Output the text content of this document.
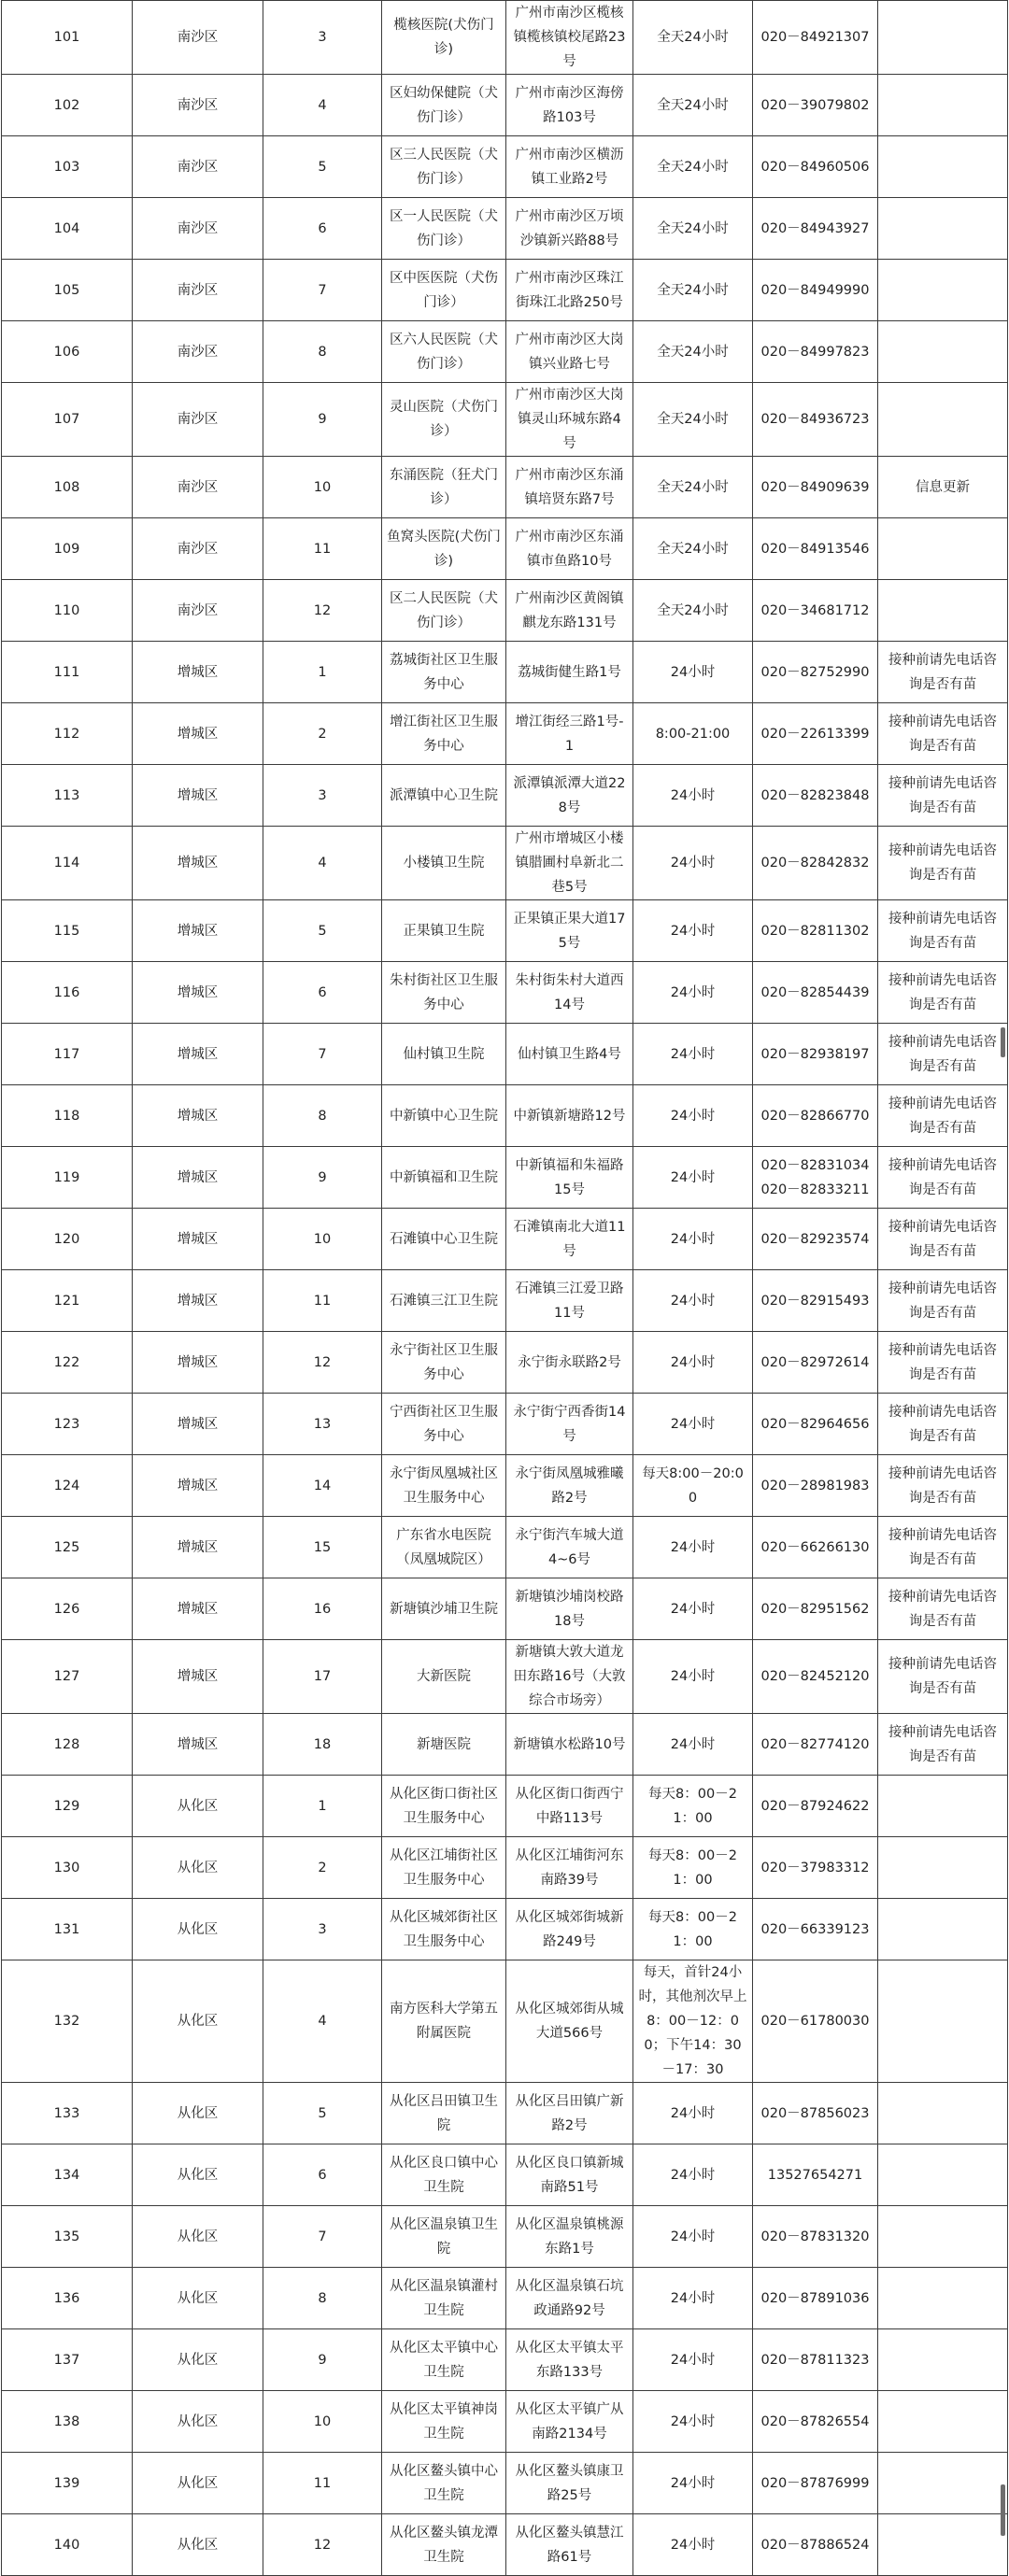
101	南沙区	3	榄核医院(犬伤门诊)	广州市南沙区榄核镇榄核镇校尾路23号	全天24小时	020－84921307	
102	南沙区	4	区妇幼保健院（犬伤门诊）	广州市南沙区海傍路103号	全天24小时	020－39079802	
103	南沙区	5	区三人民医院（犬伤门诊）	广州市南沙区横沥镇工业路2号	全天24小时	020－84960506	
104	南沙区	6	区一人民医院（犬伤门诊）	广州市南沙区万顷沙镇新兴路88号	全天24小时	020－84943927	
105	南沙区	7	区中医医院（犬伤门诊）	广州市南沙区珠江街珠江北路250号	全天24小时	020－84949990	
106	南沙区	8	区六人民医院（犬伤门诊）	广州市南沙区大岗镇兴业路七号	全天24小时	020－84997823	
107	南沙区	9	灵山医院（犬伤门诊）	广州市南沙区大岗镇灵山环城东路4号	全天24小时	020－84936723	
108	南沙区	10	东涌医院（狂犬门诊）	广州市南沙区东涌镇培贤东路7号	全天24小时	020－84909639	信息更新
109	南沙区	11	鱼窝头医院(犬伤门诊)	广州市南沙区东涌镇市鱼路10号	全天24小时	020－84913546	
110	南沙区	12	区二人民医院（犬伤门诊）	广州南沙区黄阁镇麒龙东路131号	全天24小时	020－34681712	
111	增城区	1	荔城街社区卫生服务中心	荔城街健生路1号	24小时	020－82752990	接种前请先电话咨询是否有苗
112	增城区	2	增江街社区卫生服务中心	增江街经三路1号-1	8:00-21:00	020－22613399	接种前请先电话咨询是否有苗
113	增城区	3	派潭镇中心卫生院	派潭镇派潭大道228号	24小时	020－82823848	接种前请先电话咨询是否有苗
114	增城区	4	小楼镇卫生院	广州市增城区小楼镇腊圃村阜新北二巷5号	24小时	020－82842832	接种前请先电话咨询是否有苗
115	增城区	5	正果镇卫生院	正果镇正果大道175号	24小时	020－82811302	接种前请先电话咨询是否有苗
116	增城区	6	朱村街社区卫生服务中心	朱村街朱村大道西14号	24小时	020－82854439	接种前请先电话咨询是否有苗
117	增城区	7	仙村镇卫生院	仙村镇卫生路4号	24小时	020－82938197	接种前请先电话咨询是否有苗
118	增城区	8	中新镇中心卫生院	中新镇新塘路12号	24小时	020－82866770	接种前请先电话咨询是否有苗
119	增城区	9	中新镇福和卫生院	中新镇福和朱福路15号	24小时	020－82831034 020－82833211	接种前请先电话咨询是否有苗
120	增城区	10	石滩镇中心卫生院	石滩镇南北大道11号	24小时	020－82923574	接种前请先电话咨询是否有苗
121	增城区	11	石滩镇三江卫生院	石滩镇三江爱卫路11号	24小时	020－82915493	接种前请先电话咨询是否有苗
122	增城区	12	永宁街社区卫生服务中心	永宁街永联路2号	24小时	020－82972614	接种前请先电话咨询是否有苗
123	增城区	13	宁西街社区卫生服务中心	永宁街宁西香街14号	24小时	020－82964656	接种前请先电话咨询是否有苗
124	增城区	14	永宁街凤凰城社区卫生服务中心	永宁街凤凰城雅曦路2号	每天8:00－20:00	020－28981983	接种前请先电话咨询是否有苗
125	增城区	15	广东省水电医院（凤凰城院区）	永宁街汽车城大道4~6号	24小时	020－66266130	接种前请先电话咨询是否有苗
126	增城区	16	新塘镇沙埔卫生院	新塘镇沙埔岗校路18号	24小时	020－82951562	接种前请先电话咨询是否有苗
127	增城区	17	大新医院	新塘镇大敦大道龙田东路16号（大敦综合市场旁）	24小时	020－82452120	接种前请先电话咨询是否有苗
128	增城区	18	新塘医院	新塘镇水松路10号	24小时	020－82774120	接种前请先电话咨询是否有苗
129	从化区	1	从化区街口街社区卫生服务中心	从化区街口街西宁中路113号	每天8：00－21：00	020－87924622	
130	从化区	2	从化区江埔街社区卫生服务中心	从化区江埔街河东南路39号	每天8：00－21：00	020－37983312	
131	从化区	3	从化区城郊街社区卫生服务中心	从化区城郊街城新路249号	每天8：00－21：00	020－66339123	
132	从化区	4	南方医科大学第五附属医院	从化区城郊街从城大道566号	每天，首针24小时，其他剂次早上8：00－12：00；下午14：30－17：30	020－61780030	
133	从化区	5	从化区吕田镇卫生院	从化区吕田镇广新路2号	24小时	020－87856023	
134	从化区	6	从化区良口镇中心卫生院	从化区良口镇新城南路51号	24小时	13527654271	
135	从化区	7	从化区温泉镇卫生院	从化区温泉镇桃源东路1号	24小时	020－87831320	
136	从化区	8	从化区温泉镇灌村卫生院	从化区温泉镇石坑政通路92号	24小时	020－87891036	
137	从化区	9	从化区太平镇中心卫生院	从化区太平镇太平东路133号	24小时	020－87811323	
138	从化区	10	从化区太平镇神岗卫生院	从化区太平镇广从南路2134号	24小时	020－87826554	
139	从化区	11	从化区鳌头镇中心卫生院	从化区鳌头镇康卫路25号	24小时	020－87876999	
140	从化区	12	从化区鳌头镇龙潭卫生院	从化区鳌头镇慧江路61号	24小时	020－87886524	
